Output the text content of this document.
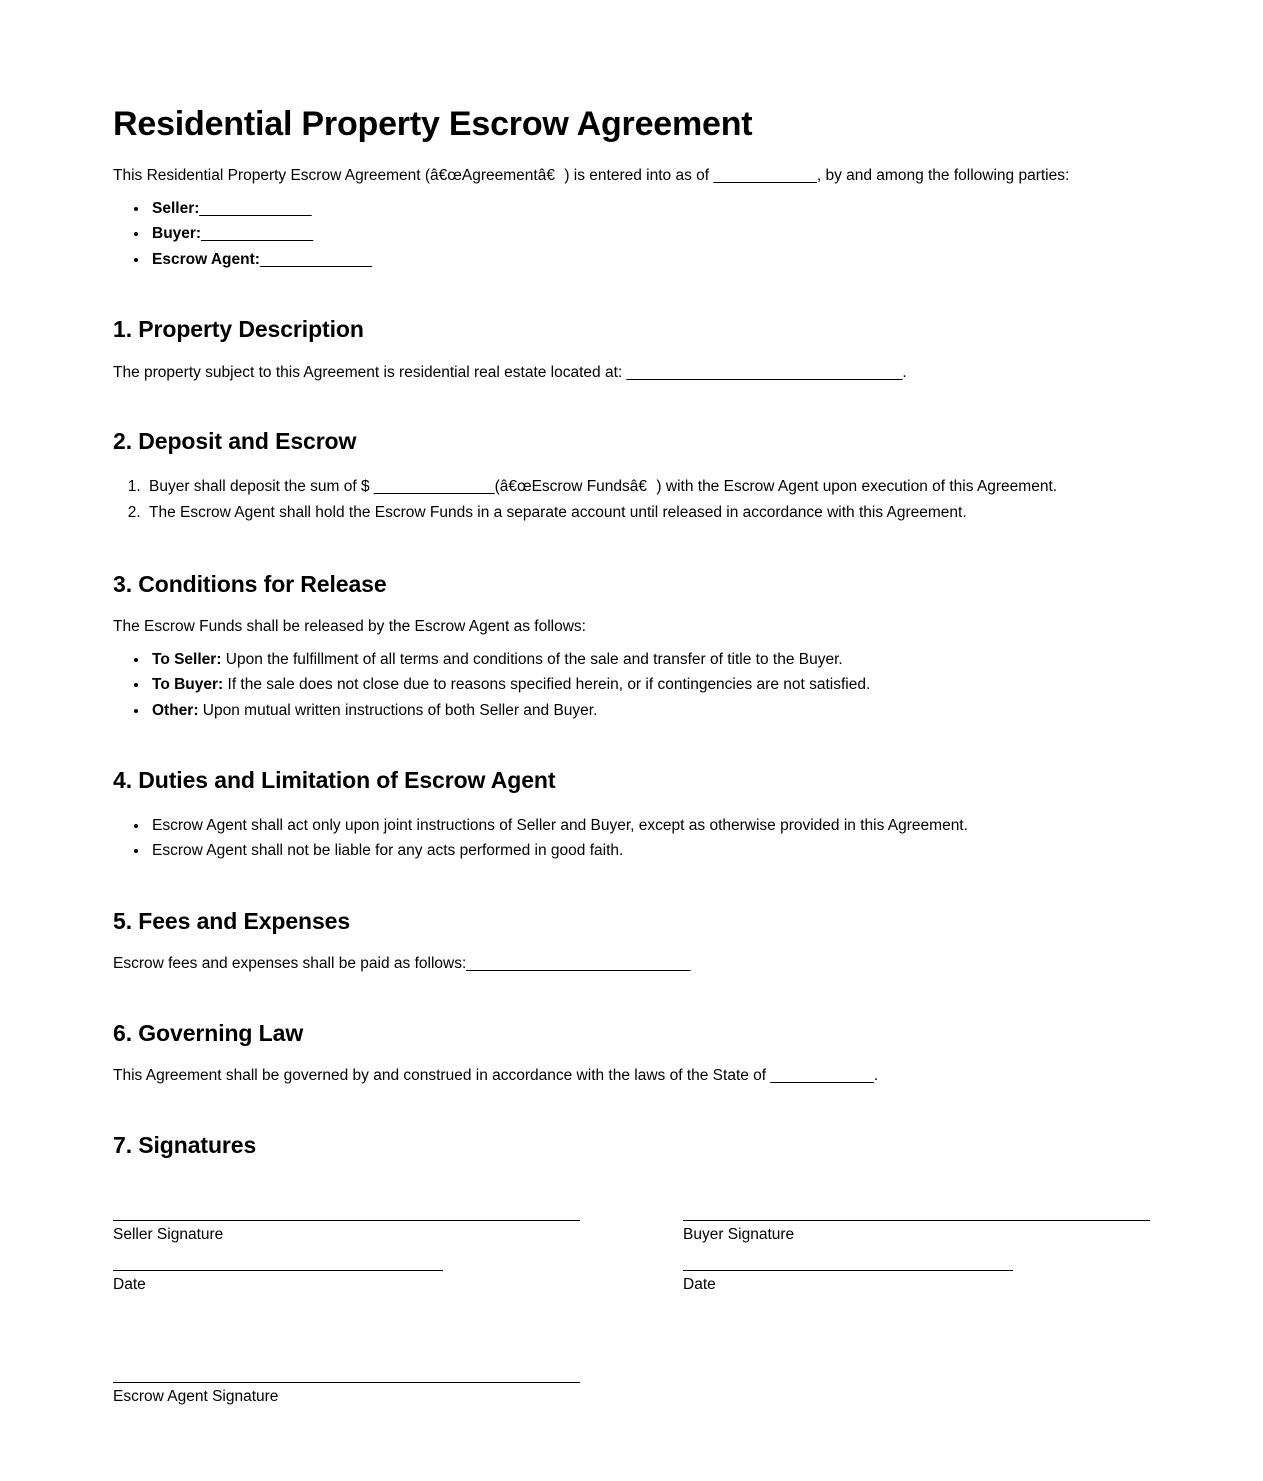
Residential Property Escrow Agreement

This Residential Property Escrow Agreement (â€œAgreementâ€) is entered into as of ____________, by and among the following parties:

• Seller:_____________
• Buyer:_____________
• Escrow Agent:_____________
1. Property Description

The property subject to this Agreement is residential real estate located at: ________________________________.

2. Deposit and Escrow
1. Buyer shall deposit the sum of $ ______________(â€œEscrow Fundsâ€) with the Escrow Agent upon execution of this Agreement.
2. The Escrow Agent shall hold the Escrow Funds in a separate account until released in accordance with this Agreement.
3. Conditions for Release

The Escrow Funds shall be released by the Escrow Agent as follows:

• To Seller: Upon the fulfillment of all terms and conditions of the sale and transfer of title to the Buyer.
• To Buyer: If the sale does not close due to reasons specified herein, or if contingencies are not satisfied.
• Other: Upon mutual written instructions of both Seller and Buyer.
4. Duties and Limitation of Escrow Agent
• Escrow Agent shall act only upon joint instructions of Seller and Buyer, except as otherwise provided in this Agreement.
• Escrow Agent shall not be liable for any acts performed in good faith.
5. Fees and Expenses

Escrow fees and expenses shall be paid as follows:__________________________

6. Governing Law

This Agreement shall be governed by and construed in accordance with the laws of the State of ____________.

7. Signatures
Seller Signature
Date
Buyer Signature
Date
Escrow Agent Signature
